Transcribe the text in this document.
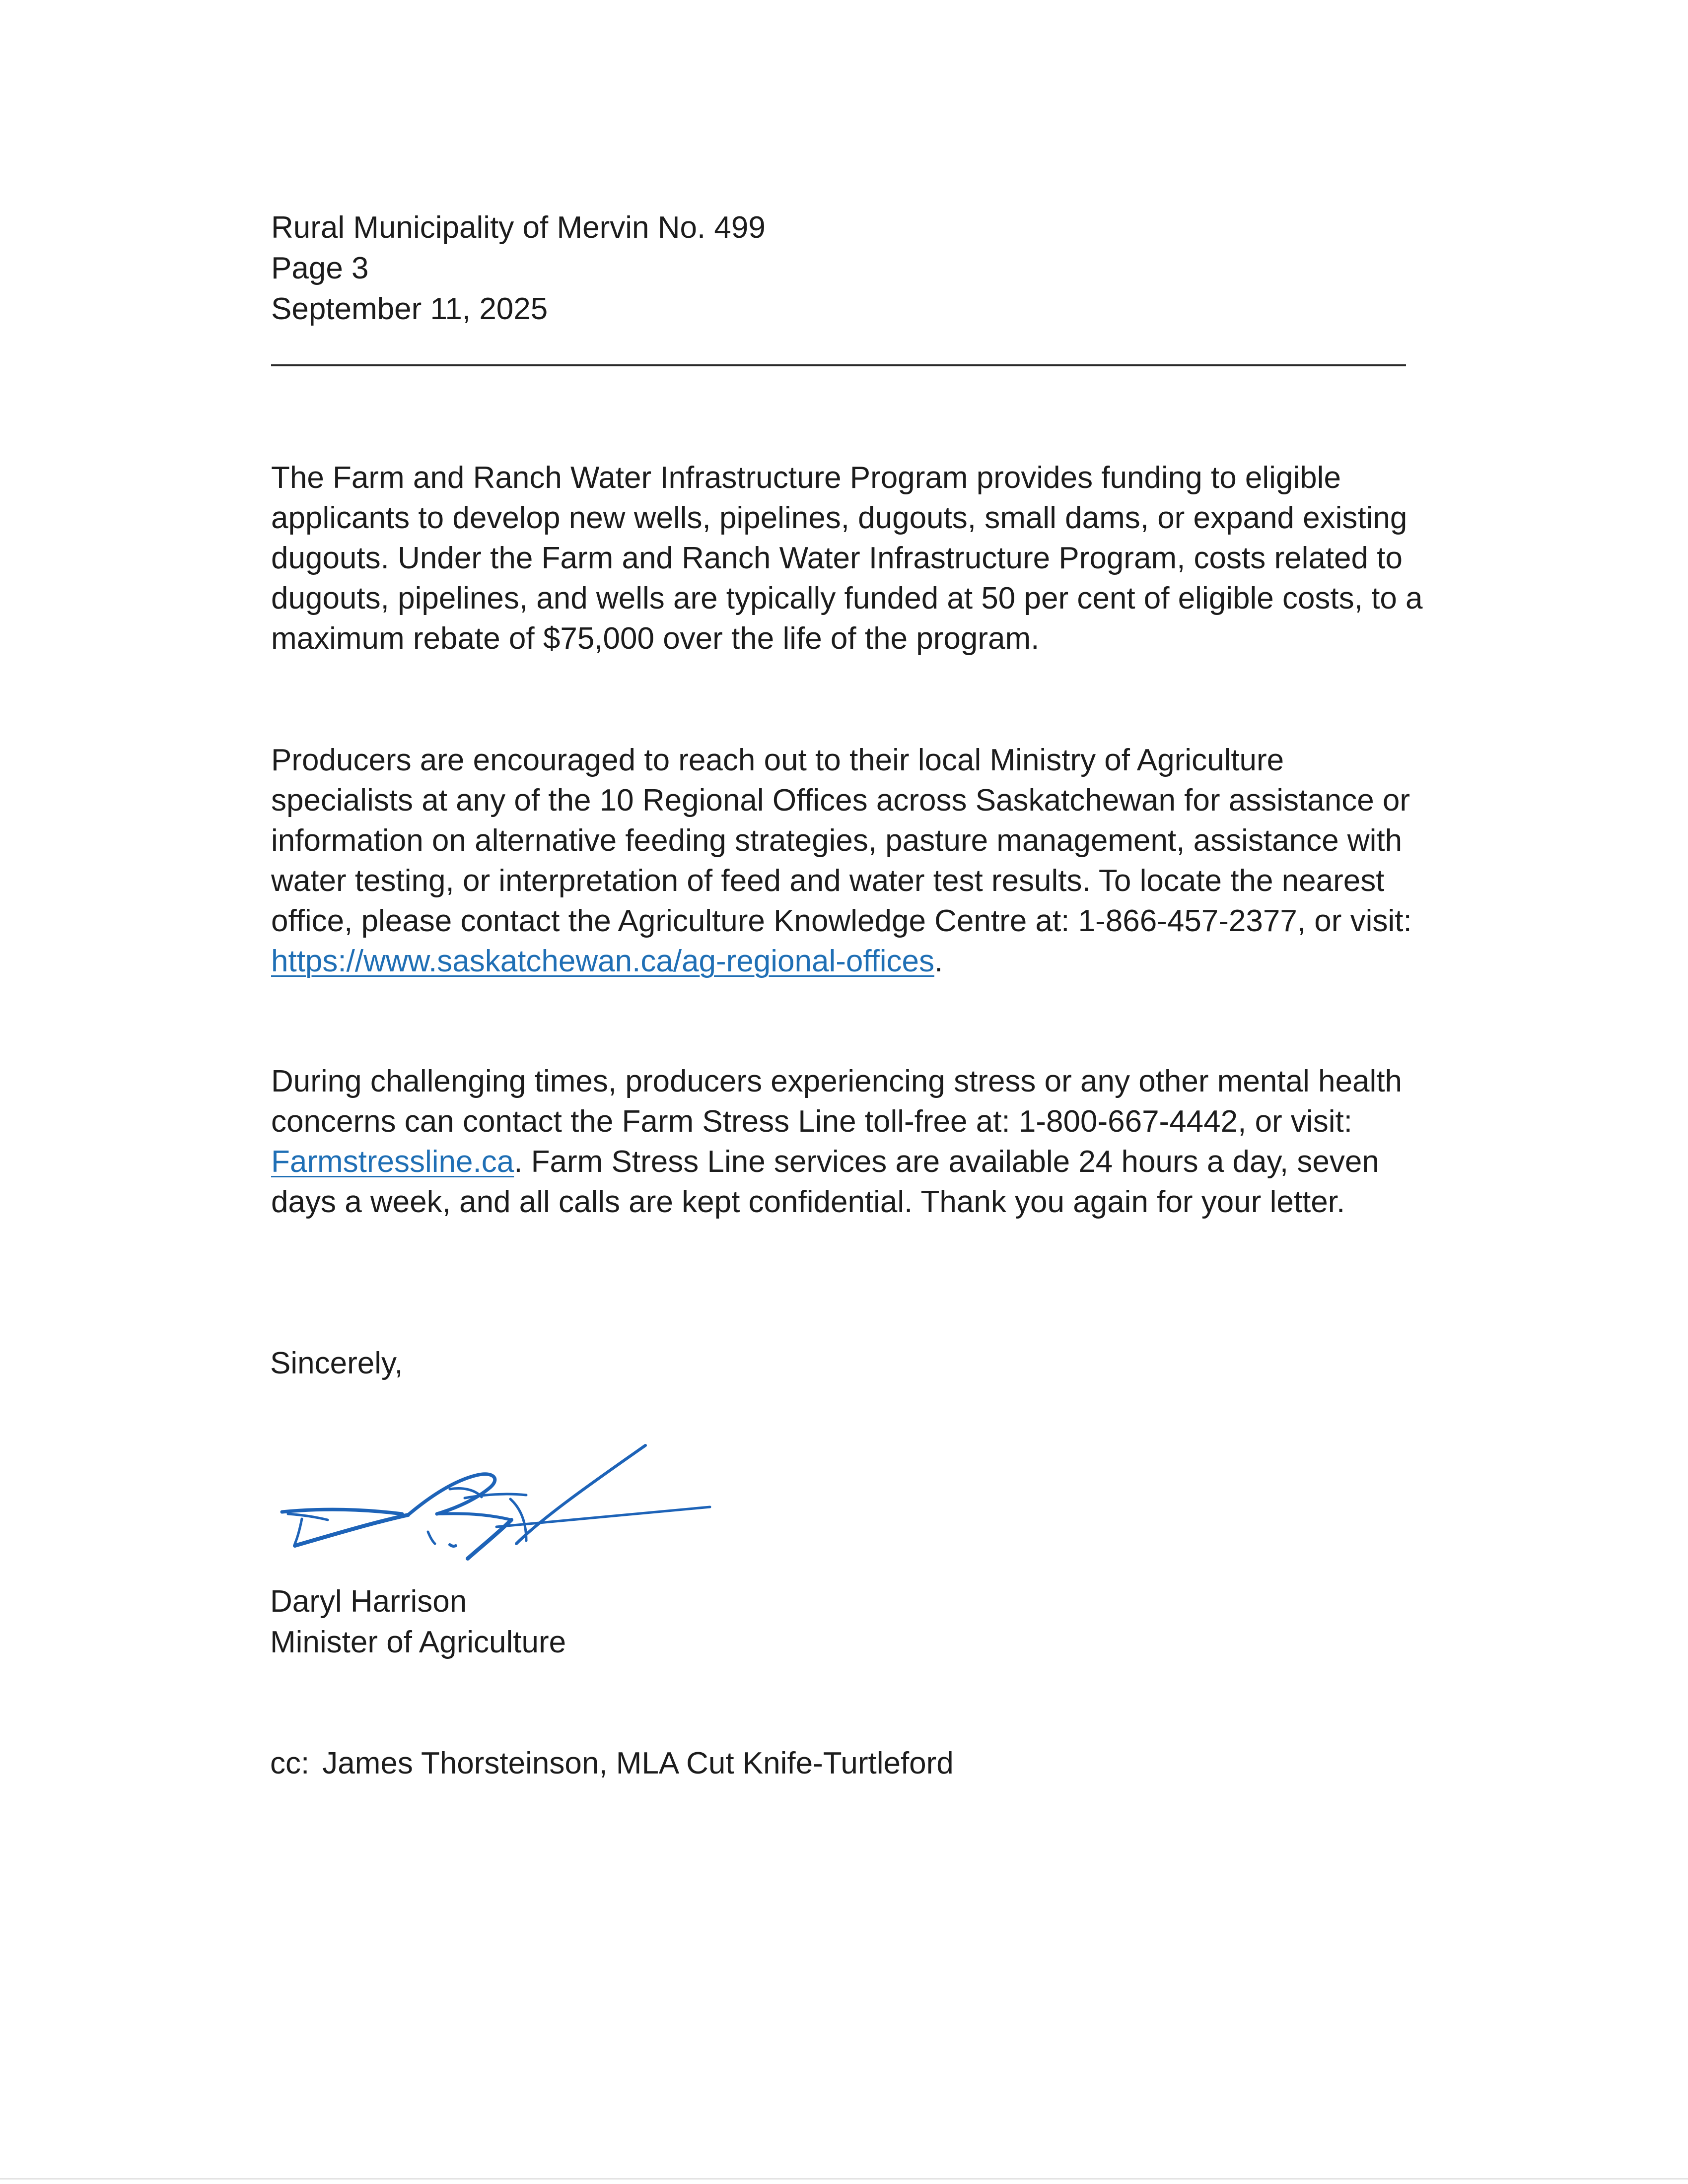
Rural Municipality of Mervin No. 499
Page 3
September 11, 2025

The Farm and Ranch Water Infrastructure Program provides funding to eligible applicants to develop new wells, pipelines, dugouts, small dams, or expand existing dugouts. Under the Farm and Ranch Water Infrastructure Program, costs related to dugouts, pipelines, and wells are typically funded at 50 per cent of eligible costs, to a maximum rebate of $75,000 over the life of the program.

Producers are encouraged to reach out to their local Ministry of Agriculture specialists at any of the 10 Regional Offices across Saskatchewan for assistance or information on alternative feeding strategies, pasture management, assistance with water testing, or interpretation of feed and water test results. To locate the nearest office, please contact the Agriculture Knowledge Centre at: 1-866-457-2377, or visit: https://www.saskatchewan.ca/ag-regional-offices.

During challenging times, producers experiencing stress or any other mental health concerns can contact the Farm Stress Line toll-free at: 1-800-667-4442, or visit: Farmstressline.ca. Farm Stress Line services are available 24 hours a day, seven days a week, and all calls are kept confidential. Thank you again for your letter.

Sincerely,
Daryl Harrison
Minister of Agriculture
cc: James Thorsteinson, MLA Cut Knife-Turtleford
